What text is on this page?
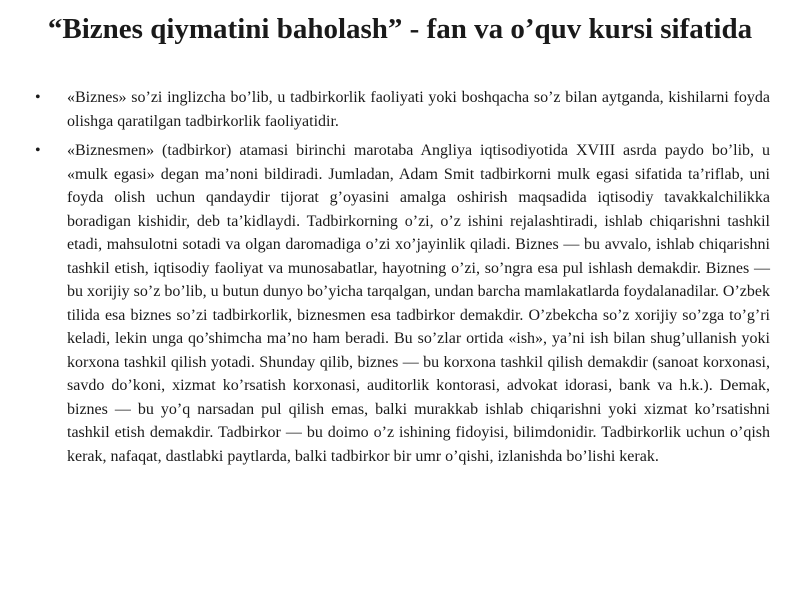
“Biznes qiymatini baholash” - fan va o’quv kursi sifatida
• «Biznes» so’zi inglizcha bo’lib, u tadbirkorlik faoliyati yoki boshqacha so’z bilan aytganda, kishilarni foyda olishga qaratilgan tadbirkorlik faoliyatidir.
• «Biznesmen» (tadbirkor) atamasi birinchi marotaba Angliya iqtisodiyotida XVIII asrda paydo bo’lib, u «mulk egasi» degan ma’noni bildiradi. Jumladan, Adam Smit tadbirkorni mulk egasi sifatida ta’riflab, uni foyda olish uchun qandaydir tijorat g’oyasini amalga oshirish maqsadida iqtisodiy tavakkalchilikka boradigan kishidir, deb ta’kidlaydi. Tadbirkorning o’zi, o’z ishini rejalashtiradi, ishlab chiqarishni tashkil etadi, mahsulotni sotadi va olgan daromadiga o’zi xo’jayinlik qiladi. Biznes — bu avvalo, ishlab chiqarishni tashkil etish, iqtisodiy faoliyat va munosabatlar, hayotning o’zi, so’ngra esa pul ishlash demakdir. Biznes — bu xorijiy so’z bo’lib, u butun dunyo bo’yicha tarqalgan, undan barcha mamlakatlarda foydalanadilar. O’zbek tilida esa biznes so’zi tadbirkorlik, biznesmen esa tadbirkor demakdir. O’zbekcha so’z xorijiy so’zga to’g’ri keladi, lekin unga qo’shimcha ma’no ham beradi. Bu so’zlar ortida «ish», ya’ni ish bilan shug’ullanish yoki korxona tashkil qilish yotadi. Shunday qilib, biznes — bu korxona tashkil qilish demakdir (sanoat korxonasi, savdo do’koni, xizmat ko’rsatish korxonasi, auditorlik kontorasi, advokat idorasi, bank va h.k.). Demak, biznes — bu yo’q narsadan pul qilish emas, balki murakkab ishlab chiqarishni yoki xizmat ko’rsatishni tashkil etish demakdir. Tadbirkor — bu doimo o’z ishining fidoyisi, bilimdonidir. Tadbirkorlik uchun o’qish kerak, nafaqat, dastlabki paytlarda, balki tadbirkor bir umr o’qishi, izlanishda bo’lishi kerak.
